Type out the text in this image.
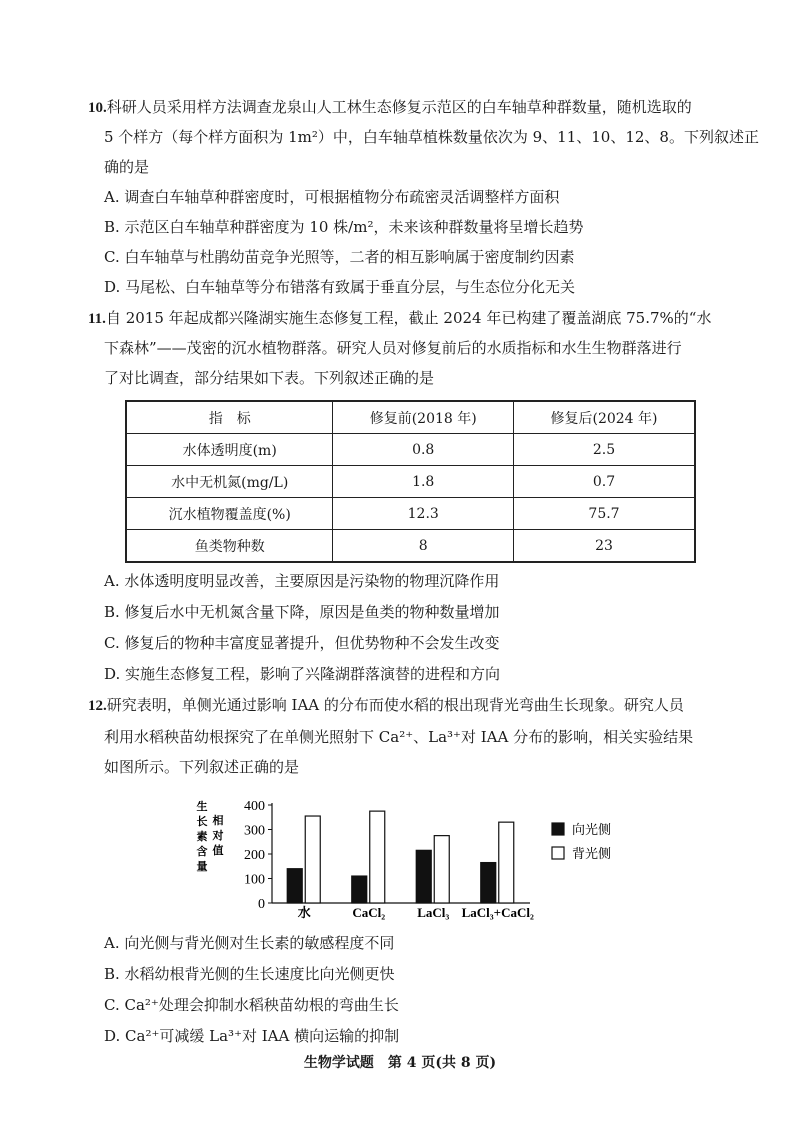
10.科研人员采用样方法调查龙泉山人工林生态修复示范区的白车轴草种群数量，随机选取的
5 个样方（每个样方面积为 1m²）中，白车轴草植株数量依次为 9、11、10、12、8。下列叙述正
确的是
A. 调查白车轴草种群密度时，可根据植物分布疏密灵活调整样方面积
B. 示范区白车轴草种群密度为 10 株/m²，未来该种群数量将呈增长趋势
C. 白车轴草与杜鹃幼苗竞争光照等，二者的相互影响属于密度制约因素
D. 马尾松、白车轴草等分布错落有致属于垂直分层，与生态位分化无关
11.自 2015 年起成都兴隆湖实施生态修复工程，截止 2024 年已构建了覆盖湖底 75.7%的“水
下森林”——茂密的沉水植物群落。研究人员对修复前后的水质指标和水生生物群落进行
了对比调查，部分结果如下表。下列叙述正确的是
指　标	修复前(2018 年)	修复后(2024 年)
水体透明度(m)	0.8	2.5
水中无机氮(mg/L)	1.8	0.7
沉水植物覆盖度(%)	12.3	75.7
鱼类物种数	8	23
A. 水体透明度明显改善，主要原因是污染物的物理沉降作用
B. 修复后水中无机氮含量下降，原因是鱼类的物种数量增加
C. 修复后的物种丰富度显著提升，但优势物种不会发生改变
D. 实施生态修复工程，影响了兴隆湖群落演替的进程和方向
12.研究表明，单侧光通过影响 IAA 的分布而使水稻的根出现背光弯曲生长现象。研究人员
利用水稻秧苗幼根探究了在单侧光照射下 Ca²⁺、La³⁺对 IAA 分布的影响，相关实验结果
如图所示。下列叙述正确的是
生
长
素
含
量
相
对
值
400
300
200
100
0
水	CaCl₂ LaCl₃ LaCl₃+CaCl₂
向光侧
背光侧
A. 向光侧与背光侧对生长素的敏感程度不同
B. 水稻幼根背光侧的生长速度比向光侧更快
C. Ca²⁺处理会抑制水稻秧苗幼根的弯曲生长
D. Ca²⁺可减缓 La³⁺对 IAA 横向运输的抑制
生物学试题　第 4 页(共 8 页)
